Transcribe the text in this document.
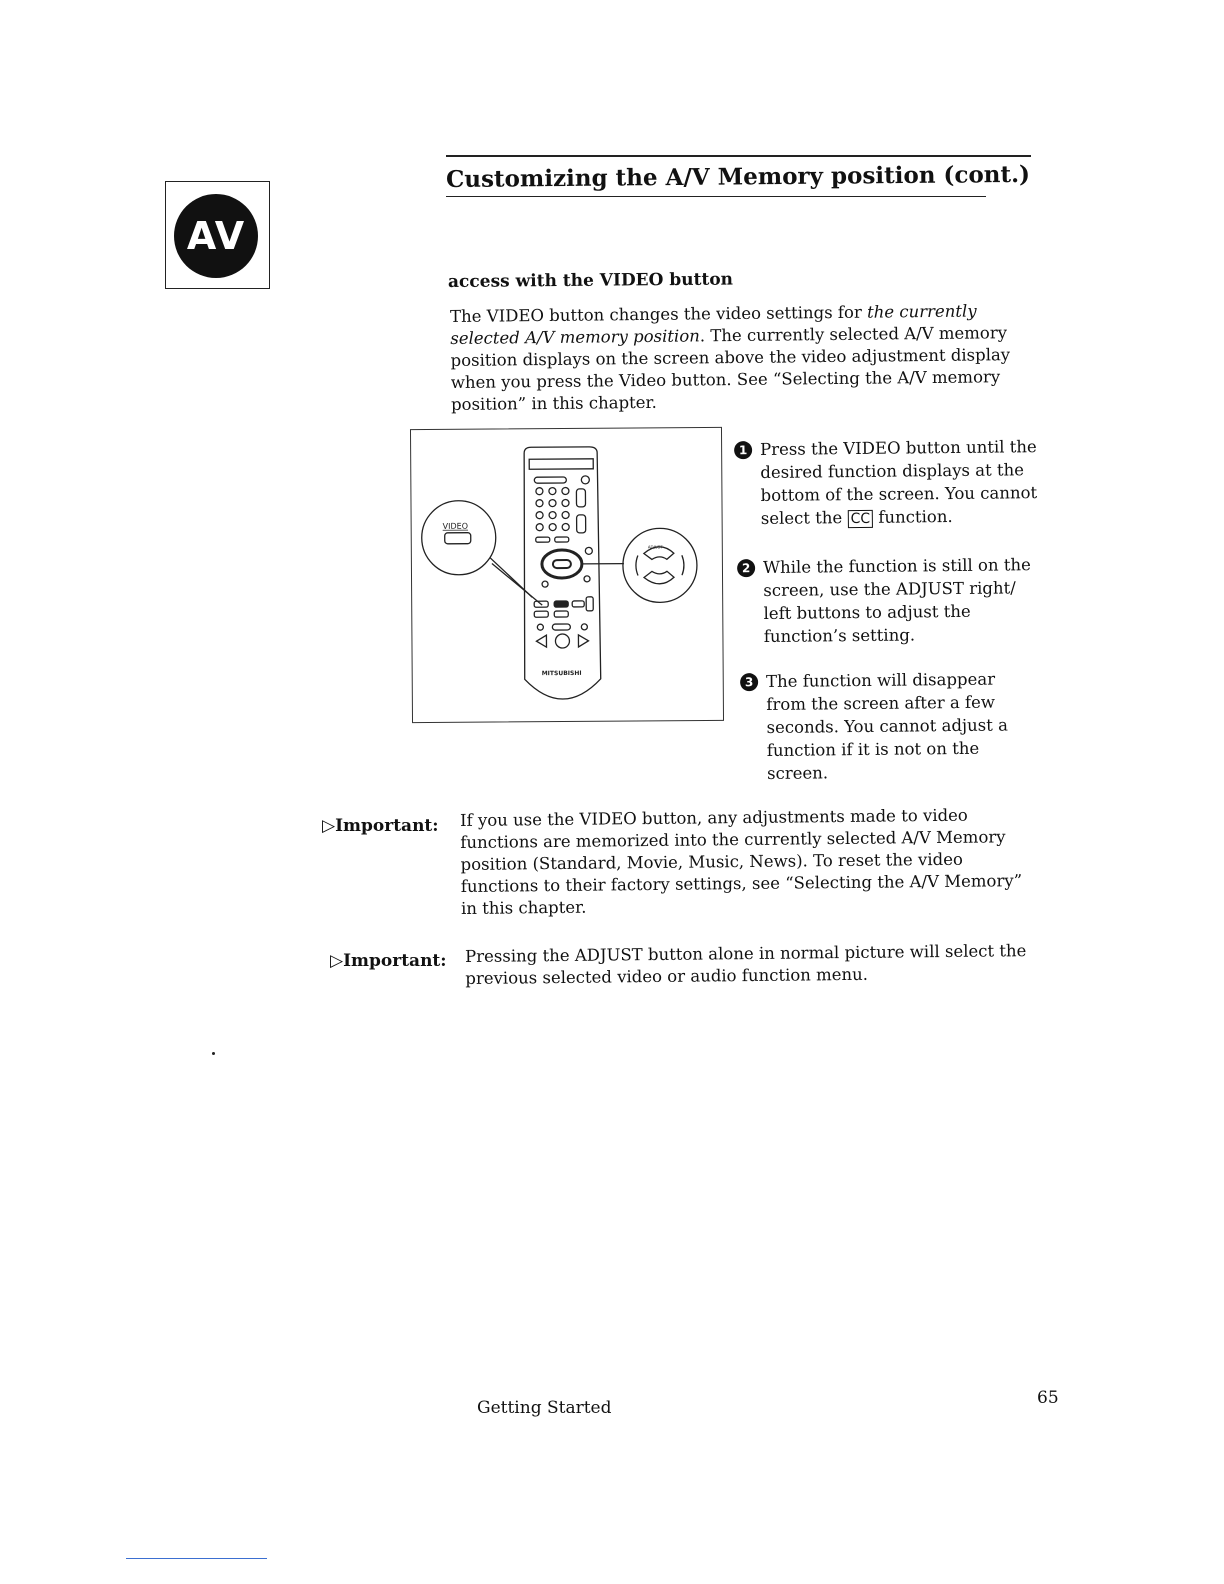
AV
Customizing the A/V Memory position (cont.)
access with the VIDEO button
The VIDEO button changes the video settings for the currently
selected A/V memory position. The currently selected A/V memory
position displays on the screen above the video adjustment display
when you press the Video button. See “Selecting the A/V memory
position” in this chapter.
VIDEO
ADJUST
MITSUBISHI
1 Press the VIDEO button until the desired function displays at the bottom of the screen. You cannot select the CC function.
2 While the function is still on the screen, use the ADJUST right/ left buttons to adjust the function’s setting.
3 The function will disappear from the screen after a few seconds. You cannot adjust a function if it is not on the screen.
▷Important: If you use the VIDEO button, any adjustments made to video functions are memorized into the currently selected A/V Memory position (Standard, Movie, Music, News). To reset the video functions to their factory settings, see “Selecting the A/V Memory” in this chapter.
▷Important: Pressing the ADJUST button alone in normal picture will select the previous selected video or audio function menu.
Getting Started	65
